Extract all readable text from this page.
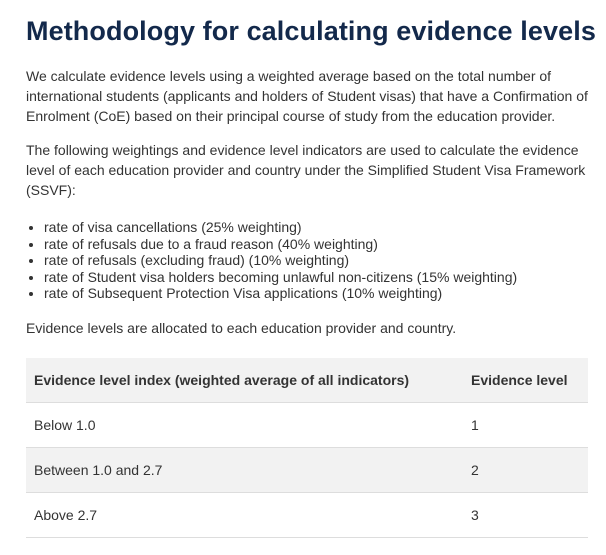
Methodology for calculating evidence levels

We calculate evidence levels using a weighted average based on the total number of international students (applicants and holders of Student visas) that have a Confirmation of Enrolment (CoE) based on their principal course of study from the education provider.

The following weightings and evidence level indicators are used to calculate the evidence level of each education provider and country under the Simplified Student Visa Framework (SSVF):

• rate of visa cancellations (25% weighting)
• rate of refusals due to a fraud reason (40% weighting)
• rate of refusals (excluding fraud) (10% weighting)
• rate of Student visa holders becoming unlawful non-citizens (15% weighting)
• rate of Subsequent Protection Visa applications (10% weighting)

Evidence levels are allocated to each education provider and country.

Evidence level index (weighted average of all indicators)	Evidence level
Below 1.0	1
Between 1.0 and 2.7	2
Above 2.7	3
